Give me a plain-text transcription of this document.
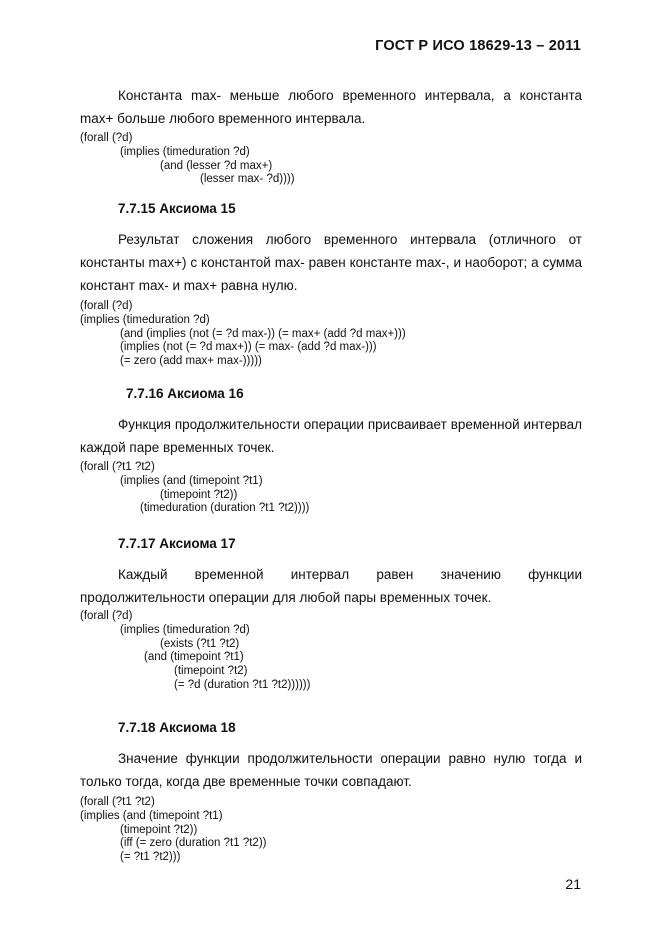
ГОСТ Р ИСО 18629-13 – 2011

Константа max- меньше любого временного интервала, а константа max+ больше любого временного интервала.

(forall (?d)
(implies (timeduration ?d)
(and (lesser ?d max+)
(lesser max- ?d))))

7.7.15 Аксиома 15

Результат сложения любого временного интервала (отличного от константы max+) с константой max- равен константе max-, и наоборот; а сумма констант max- и max+ равна нулю.

(forall (?d)
(implies (timeduration ?d)
(and (implies (not (= ?d max-)) (= max+ (add ?d max+)))
(implies (not (= ?d max+)) (= max- (add ?d max-)))
(= zero (add max+ max-)))))

7.7.16 Аксиома 16

Функция продолжительности операции присваивает временной интервал каждой паре временных точек.

(forall (?t1 ?t2)
(implies (and (timepoint ?t1)
(timepoint ?t2))
(timeduration (duration ?t1 ?t2))))

7.7.17 Аксиома 17

Каждый временной интервал равен значению функции

продолжительности операции для любой пары временных точек.

(forall (?d)
(implies (timeduration ?d)
(exists (?t1 ?t2)
(and (timepoint ?t1)
(timepoint ?t2)
(= ?d (duration ?t1 ?t2))))))

7.7.18 Аксиома 18

Значение функции продолжительности операции равно нулю тогда и только тогда, когда две временные точки совпадают.

(forall (?t1 ?t2)
(implies (and (timepoint ?t1)
(timepoint ?t2))
(iff (= zero (duration ?t1 ?t2))
(= ?t1 ?t2)))
21
